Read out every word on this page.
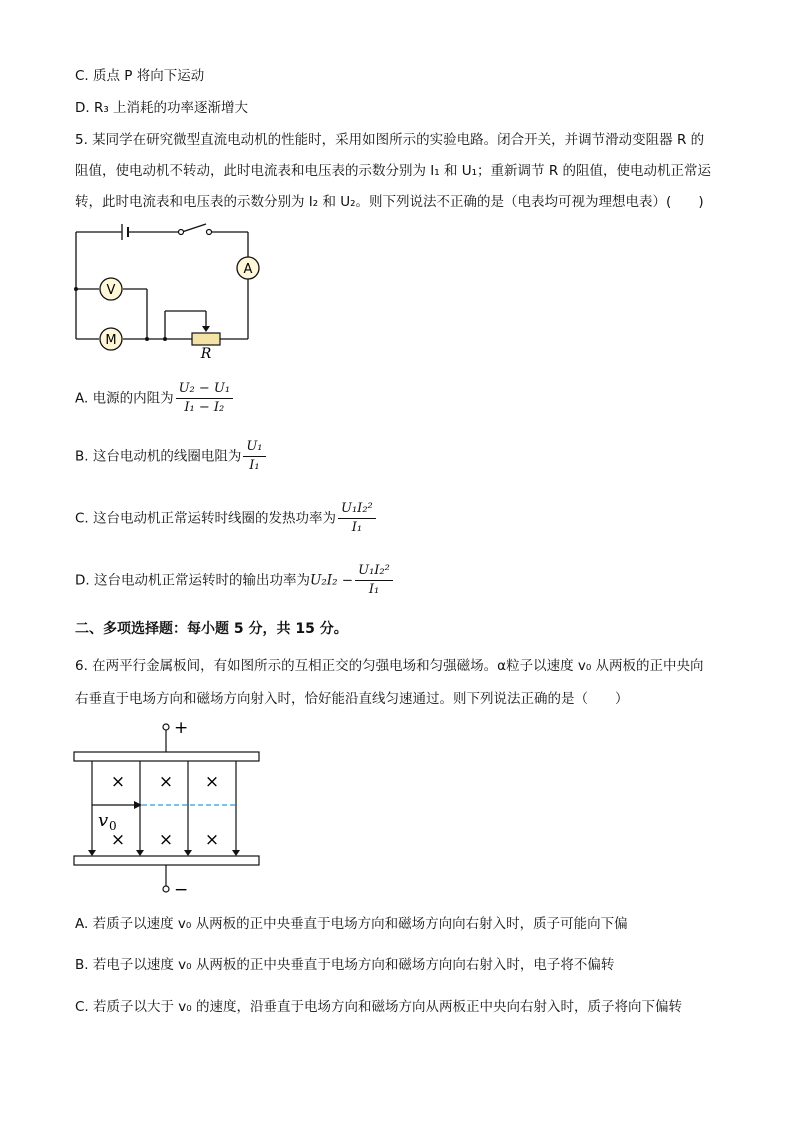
C. 质点 P 将向下运动
D. R₃ 上消耗的功率逐渐增大
5. 某同学在研究微型直流电动机的性能时，采用如图所示的实验电路。闭合开关，并调节滑动变阻器 R 的
阻值，使电动机不转动，此时电流表和电压表的示数分别为 I₁ 和 U₁；重新调节 R 的阻值，使电动机正常运
转，此时电流表和电压表的示数分别为 I₂ 和 U₂。则下列说法不正确的是（电表均可视为理想电表）(　　)
A
V
M
R
A. 电源的内阻为 $\frac{\text{U₂ − U₁}}{\text{I₁ − I₂}}$
B. 这台电动机的线圈电阻为 $\frac{\text{U₁}}{\text{I₁}}$
C. 这台电动机正常运转时线圈的发热功率为 $\frac{\text{U₁I₂²}}{\text{I₁}}$
D. 这台电动机正常运转时的输出功率为$U_2I_2 - \frac{\text{U₁I₂²}}{\text{I₁}}$
二、多项选择题：每小题 5 分，共 15 分。
6. 在两平行金属板间，有如图所示的互相正交的匀强电场和匀强磁场。α粒子以速度 v₀ 从两板的正中央向
右垂直于电场方向和磁场方向射入时，恰好能沿直线匀速通过。则下列说法正确的是（　　）
+
−
× × ×
× × ×
v 0
A. 若质子以速度 v₀ 从两板的正中央垂直于电场方向和磁场方向向右射入时，质子可能向下偏
B. 若电子以速度 v₀ 从两板的正中央垂直于电场方向和磁场方向向右射入时，电子将不偏转
C. 若质子以大于 v₀ 的速度，沿垂直于电场方向和磁场方向从两板正中央向右射入时，质子将向下偏转
